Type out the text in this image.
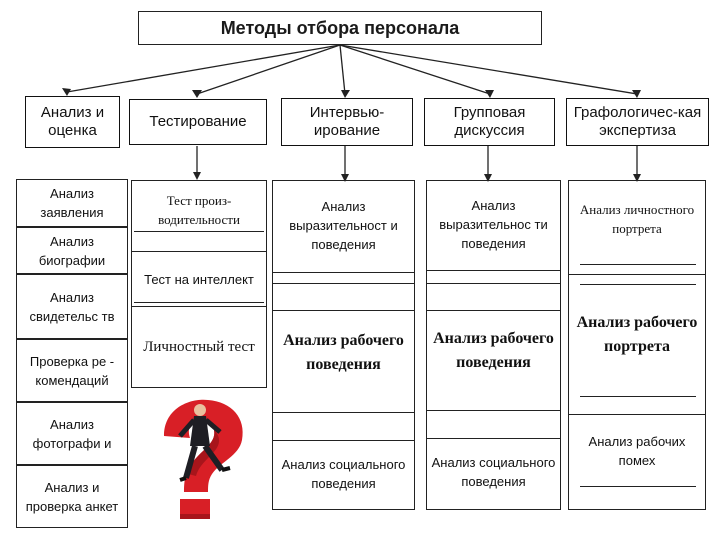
Методы отбора персонала
Анализ и оценка
Тестирование
Интервью-ирование
Групповая дискуссия
Графологичес-кая экспертиза
Анализ заявления
Анализ биографии
Анализ свидетельс тв
Проверка ре - комендаций
Анализ фотографи и
Анализ и проверка анкет
Тест произ-водительности
Тест на интеллект
Личностный тест
Анализ выразительност и поведения
Анализ рабочего поведения
Анализ социального поведения
Анализ выразительнос ти поведения
Анализ рабочего поведения
Анализ социального поведения
Анализ личностного портрета
Анализ рабочего портрета
Анализ рабочих помех
